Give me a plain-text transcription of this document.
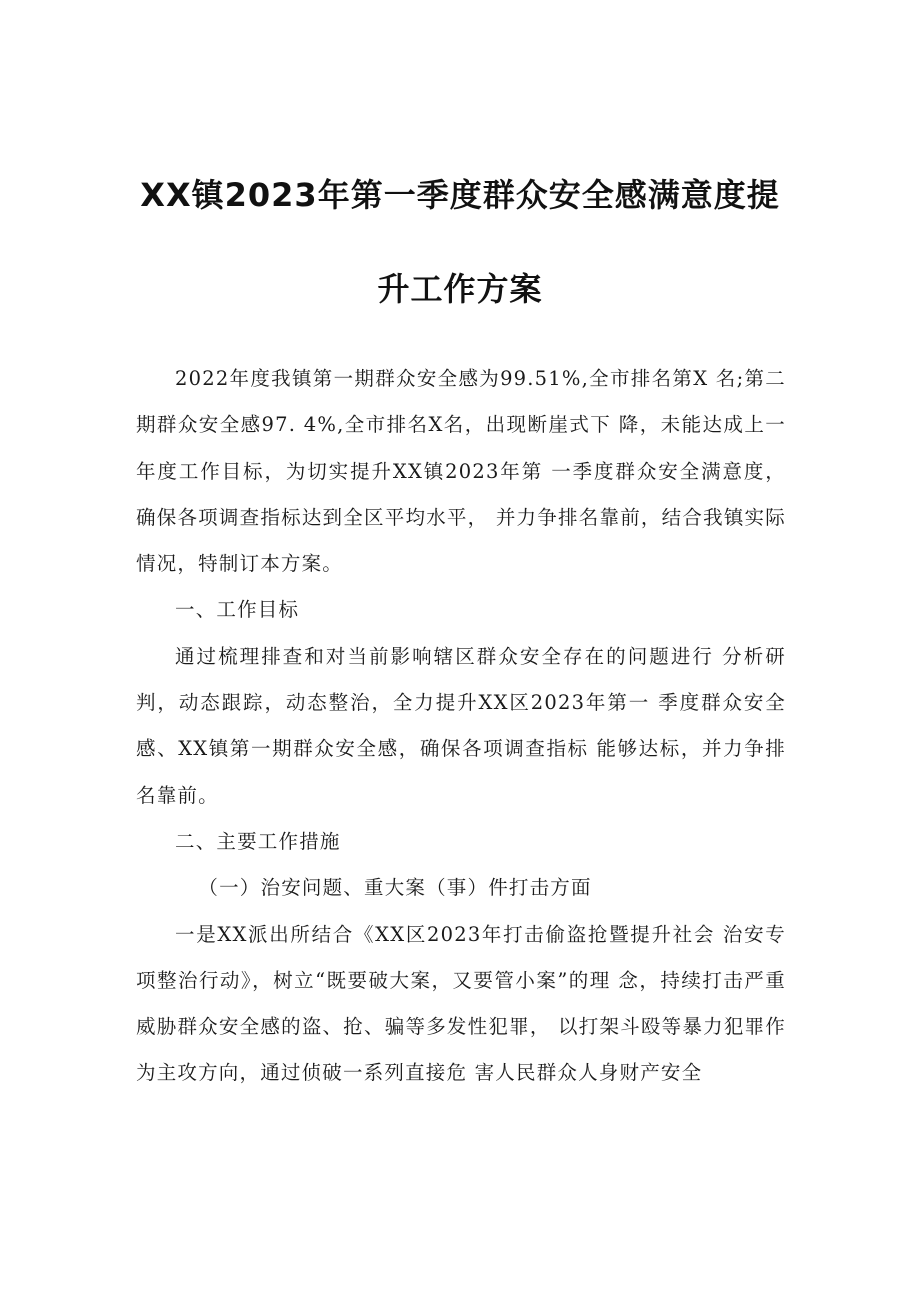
XX镇2023年第一季度群众安全感满意度提
升工作方案

2022年度我镇第一期群众安全感为99.51%,全市排名第X 名;第二期群众安全感97. 4%,全市排名X名，出现断崖式下 降，未能达成上一年度工作目标，为切实提升XX镇2023年第 一季度群众安全满意度，确保各项调查指标达到全区平均水平， 并力争排名靠前，结合我镇实际情况，特制订本方案。

一、工作目标

通过梳理排查和对当前影响辖区群众安全存在的问题进行 分析研判，动态跟踪，动态整治，全力提升XX区2023年第一 季度群众安全感、XX镇第一期群众安全感，确保各项调查指标 能够达标，并力争排名靠前。

二、主要工作措施

（一）治安问题、重大案（事）件打击方面

一是XX派出所结合《XX区2023年打击偷盗抢暨提升社会 治安专项整治行动》，树立“既要破大案，又要管小案”的理 念，持续打击严重威胁群众安全感的盗、抢、骗等多发性犯罪， 以打架斗殴等暴力犯罪作为主攻方向，通过侦破一系列直接危 害人民群众人身财产安全
